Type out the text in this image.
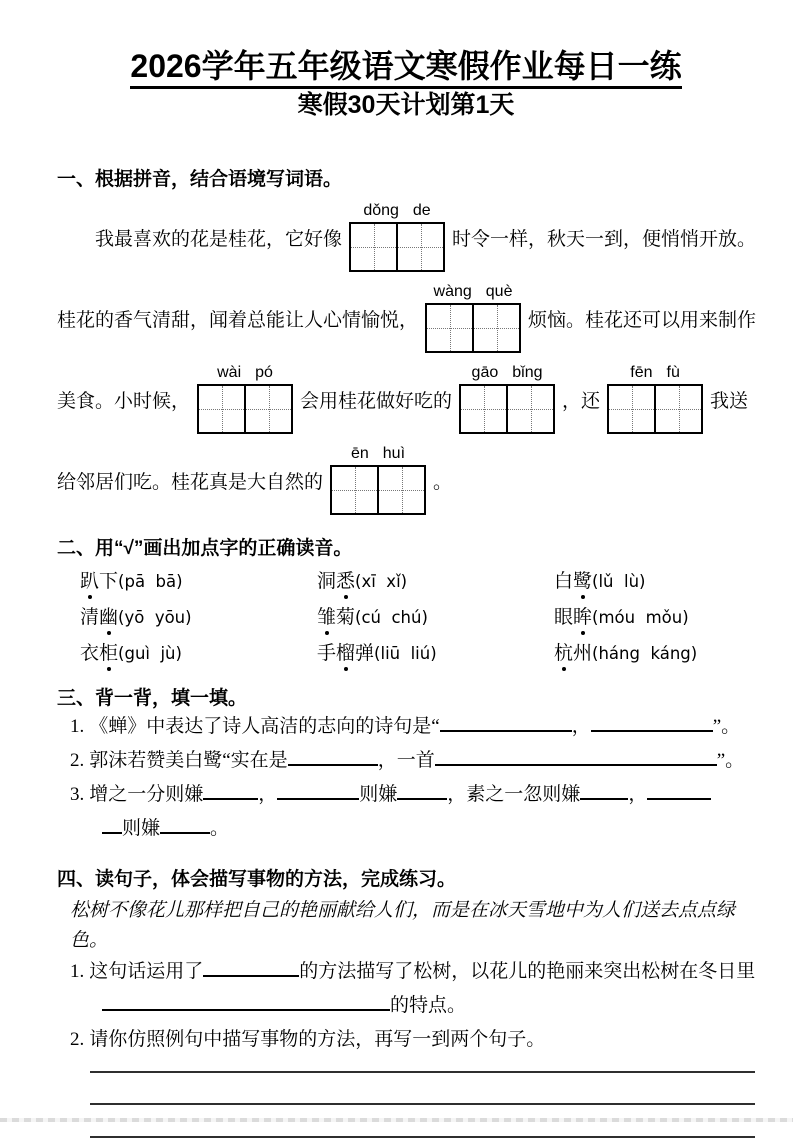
2026学年五年级语文寒假作业每日一练
寒假30天计划第1天
一、根据拼音，结合语境写词语。
我最喜欢的花是桂花，它好像
dǒng de
时令一样，秋天一到，便悄悄开放。
桂花的香气清甜，闻着总能让人心情愉悦，
wàng què
烦恼。桂花还可以用来制作
美食。小时候，
wài pó
会用桂花做好吃的
gāo bǐng
，还
fēn fù
我送
给邻居们吃。桂花真是大自然的
ēn huì
。
二、用“√”画出加点字的正确读音。
趴下(pā  bā)	洞悉(xī  xǐ)	白鹭(lǔ  lù)
清幽(yō  yōu)	雏菊(cú  chú)	眼眸(móu  mǒu)
衣柜(guì  jù)	手榴弹(liū  liú)	杭州(háng  káng)
三、背一背，填一填。
1. 《蝉》中表达了诗人高洁的志向的诗句是“	，	”。
2. 郭沫若赞美白鹭“实在是	，一首	”。
3. 增之一分则嫌	，	则嫌	，素之一忽则嫌	，
则嫌	。
四、读句子，体会描写事物的方法，完成练习。
松树不像花儿那样把自己的艳丽献给人们，而是在冰天雪地中为人们送去点点绿色。
1. 这句话运用了	的方法描写了松树，以花儿的艳丽来突出松树在冬日里
的特点。
2. 请你仿照例句中描写事物的方法，再写一到两个句子。
